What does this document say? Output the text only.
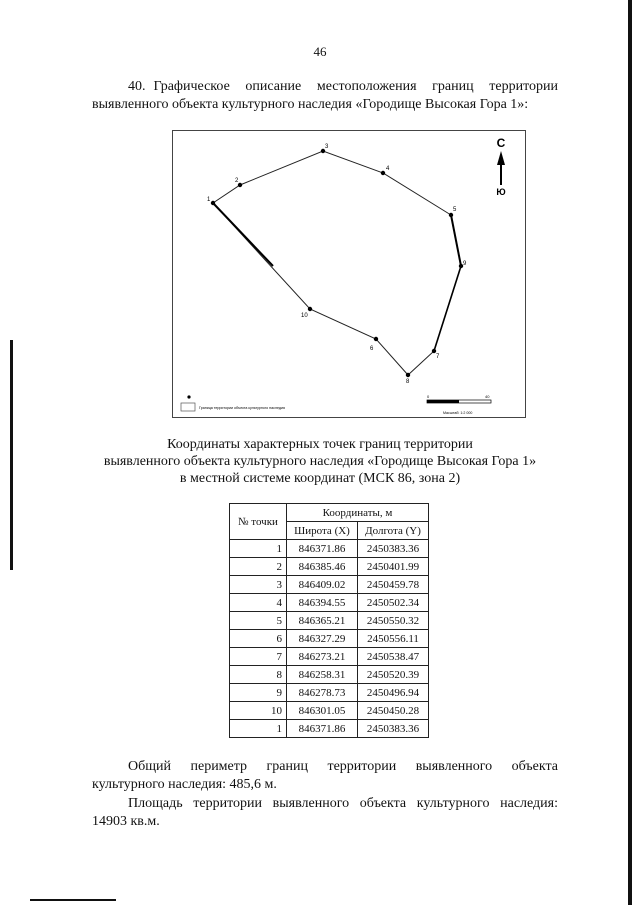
46
40. Графическое описание местоположения границ территории выявленного объекта культурного наследия «Городище Высокая Гора 1»:
1
2
3
4
5
9
7
8
6
10
С
Ю
Граница территории объекта культурного наследия
0	40
Масштаб: 1:2 000
Координаты характерных точек границ территории
выявленного объекта культурного наследия «Городище Высокая Гора 1»
в местной системе координат (МСК 86, зона 2)
№ точки	Координаты, м	
	Широта (X)	Долгота (Y)
1	846371.86	2450383.36
2	846385.46	2450401.99
3	846409.02	2450459.78
4	846394.55	2450502.34
5	846365.21	2450550.32
6	846327.29	2450556.11
7	846273.21	2450538.47
8	846258.31	2450520.39
9	846278.73	2450496.94
10	846301.05	2450450.28
1	846371.86	2450383.36
Общий периметр границ территории выявленного объекта
культурного наследия: 485,6 м.
Площадь территории выявленного объекта культурного наследия:
14903 кв.м.
